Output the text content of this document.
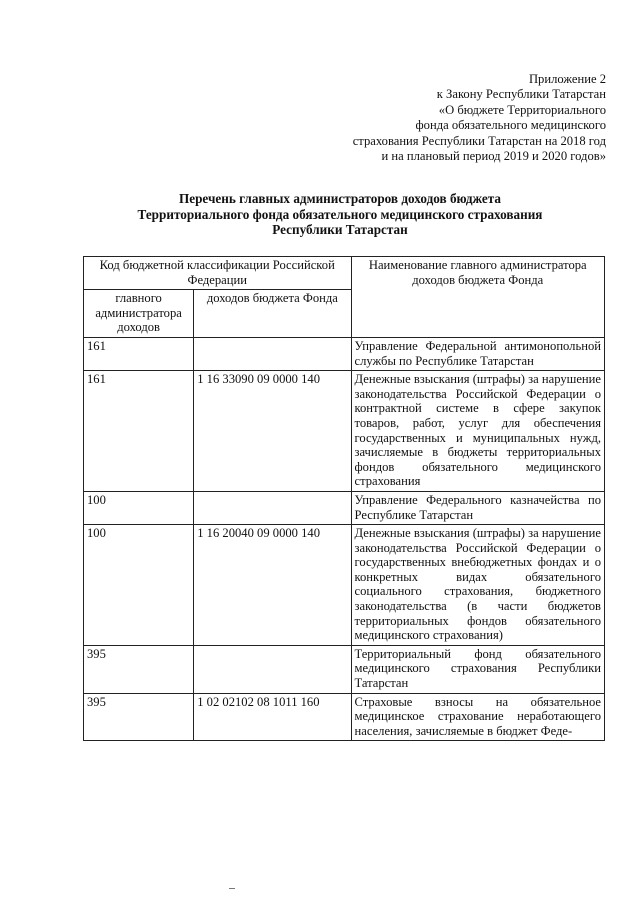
Приложение 2
к Закону Республики Татарстан
«О бюджете Территориального
фонда обязательного медицинского
страхования Республики Татарстан на 2018 год
и на плановый период 2019 и 2020 годов»
Перечень главных администраторов доходов бюджета
Территориального фонда обязательного медицинского страхования
Республики Татарстан
Код бюджетной классификации Российской Федерации		Наименование главного администратора доходов бюджета Фонда
главного администратора доходов	доходов бюджета Фонда	
161		Управление Федеральной антимонопольной службы по Республике Татарстан
161	1 16 33090 09 0000 140	Денежные взыскания (штрафы) за нарушение законодательства Российской Федерации о контрактной системе в сфере закупок товаров, работ, услуг для обеспечения государственных и муниципальных нужд, зачисляемые в бюджеты территориальных фондов обязательного медицинского страхования
100		Управление Федерального казначейства по Республике Татарстан
100	1 16 20040 09 0000 140	Денежные взыскания (штрафы) за нарушение законодательства Российской Федерации о государственных внебюджетных фондах и о конкретных видах обязательного социального страхования, бюджетного законодательства (в части бюджетов территориальных фондов обязательного медицинского страхования)
395		Территориальный фонд обязательного медицинского страхования Республики Татарстан
395	1 02 02102 08 1011 160	Страховые взносы на обязательное медицинское страхование неработающего населения, зачисляемые в бюджет Феде-
